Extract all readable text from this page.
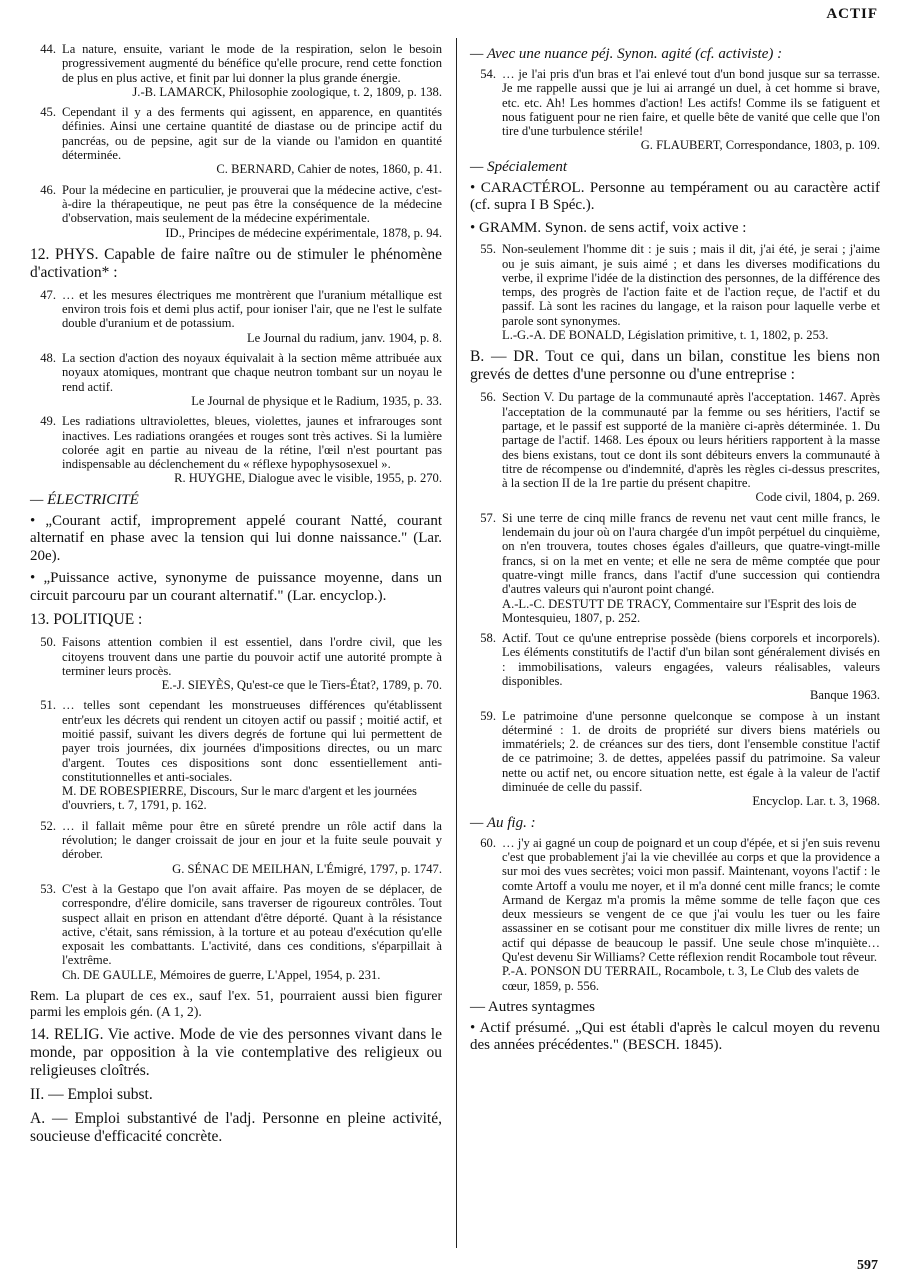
ACTIF
44. La nature, ensuite, variant le mode de la respiration, selon le besoin progressivement augmenté du bénéfice qu'elle procure, rend cette fonction de plus en plus active, et finit par lui donner la plus grande énergie.
J.-B. LAMARCK, Philosophie zoologique, t. 2, 1809, p. 138.
45. Cependant il y a des ferments qui agissent, en apparence, en quantités définies. Ainsi une certaine quantité de diastase ou de principe actif du pancréas, ou de pepsine, agit sur de la viande ou l'amidon en quantité déterminée.
C. BERNARD, Cahier de notes, 1860, p. 41.
46. Pour la médecine en particulier, je prouverai que la médecine active, c'est-à-dire la thérapeutique, ne peut pas être la conséquence de la médecine d'observation, mais seulement de la médecine expérimentale.
ID., Principes de médecine expérimentale, 1878, p. 94.
12. PHYS. Capable de faire naître ou de stimuler le phénomène d'activation* :
47. … et les mesures électriques me montrèrent que l'uranium métallique est environ trois fois et demi plus actif, pour ioniser l'air, que ne l'est le sulfate double d'uranium et de potassium.
Le Journal du radium, janv. 1904, p. 8.
48. La section d'action des noyaux équivalait à la section même attribuée aux noyaux atomiques, montrant que chaque neutron tombant sur un noyau le rend actif.
Le Journal de physique et le Radium, 1935, p. 33.
49. Les radiations ultraviolettes, bleues, violettes, jaunes et infrarouges sont inactives. Les radiations orangées et rouges sont très actives. Si la lumière colorée agit en partie au niveau de la rétine, l'œil n'est pourtant pas indispensable au déclenchement du « réflexe hypophysosexuel ».
R. HUYGHE, Dialogue avec le visible, 1955, p. 270.
— ÉLECTRICITÉ
• „Courant actif, improprement appelé courant Natté, courant alternatif en phase avec la tension qui lui donne naissance." (Lar. 20e).
• „Puissance active, synonyme de puissance moyenne, dans un circuit parcouru par un courant alternatif." (Lar. encyclop.).
13. POLITIQUE :
50. Faisons attention combien il est essentiel, dans l'ordre civil, que les citoyens trouvent dans une partie du pouvoir actif une autorité prompte à terminer leurs procès.
E.-J. SIEYÈS, Qu'est-ce que le Tiers-État?, 1789, p. 70.
51. … telles sont cependant les monstrueuses différences qu'établissent entr'eux les décrets qui rendent un citoyen actif ou passif ; moitié actif, et moitié passif, suivant les divers degrés de fortune qui lui permettent de payer trois journées, dix journées d'impositions directes, ou un marc d'argent. Toutes ces dispositions sont donc essentiellement anti-constitutionnelles et anti-sociales.
M. DE ROBESPIERRE, Discours, Sur le marc d'argent et les journées d'ouvriers, t. 7, 1791, p. 162.
52. … il fallait même pour être en sûreté prendre un rôle actif dans la révolution; le danger croissait de jour en jour et la fuite seule pouvait y dérober.
G. SÉNAC DE MEILHAN, L'Émigré, 1797, p. 1747.
53. C'est à la Gestapo que l'on avait affaire. Pas moyen de se déplacer, de correspondre, d'élire domicile, sans traverser de rigoureux contrôles. Tout suspect allait en prison en attendant d'être déporté. Quant à la résistance active, c'était, sans rémission, à la torture et au poteau d'exécution qu'elle exposait les combattants. L'activité, dans ces conditions, s'éparpillait à l'extrême.
Ch. DE GAULLE, Mémoires de guerre, L'Appel, 1954, p. 231.
Rem. La plupart de ces ex., sauf l'ex. 51, pourraient aussi bien figurer parmi les emplois gén. (A 1, 2).
14. RELIG. Vie active. Mode de vie des personnes vivant dans le monde, par opposition à la vie contemplative des religieux ou religieuses cloîtrés.
II. — Emploi subst.
A. — Emploi substantivé de l'adj. Personne en pleine activité, soucieuse d'efficacité concrète.
— Avec une nuance péj. Synon. agité (cf. activiste) :
54. … je l'ai pris d'un bras et l'ai enlevé tout d'un bond jusque sur sa terrasse. Je me rappelle aussi que je lui ai arrangé un duel, à cet homme si brave, etc. etc. Ah! Les hommes d'action! Les actifs! Comme ils se fatiguent et nous fatiguent pour ne rien faire, et quelle bête de vanité que celle que l'on tire d'une turbulence stérile!
G. FLAUBERT, Correspondance, 1803, p. 109.
— Spécialement
• CARACTÉROL. Personne au tempérament ou au caractère actif (cf. supra I B Spéc.).
• GRAMM. Synon. de sens actif, voix active :
55. Non-seulement l'homme dit : je suis ; mais il dit, j'ai été, je serai ; j'aime ou je suis aimant, je suis aimé ; et dans les diverses modifications du verbe, il exprime l'idée de la distinction des personnes, de la différence des temps, des progrès de l'action faite et de l'action reçue, de l'actif et du passif. Là sont les racines du langage, et la raison pour laquelle verbe et parole sont synonymes.
L.-G.-A. DE BONALD, Législation primitive, t. 1, 1802, p. 253.
B. — DR. Tout ce qui, dans un bilan, constitue les biens non grevés de dettes d'une personne ou d'une entreprise :
56. Section V. Du partage de la communauté après l'acceptation. 1467. Après l'acceptation de la communauté par la femme ou ses héritiers, l'actif se partage, et le passif est supporté de la manière ci-après déterminée. 1. Du partage de l'actif. 1468. Les époux ou leurs héritiers rapportent à la masse des biens existans, tout ce dont ils sont débiteurs envers la communauté à titre de récompense ou d'indemnité, d'après les règles ci-dessus prescrites, à la section II de la 1re partie du présent chapitre.
Code civil, 1804, p. 269.
57. Si une terre de cinq mille francs de revenu net vaut cent mille francs, le lendemain du jour où on l'aura chargée d'un impôt perpétuel du cinquième, on n'en trouvera, toutes choses égales d'ailleurs, que quatre-vingt-mille francs, si on la met en vente; et elle ne sera de même comptée que pour quatre-vingt mille francs, dans l'actif d'une succession qui contiendra d'autres valeurs qui n'auront point changé.
A.-L.-C. DESTUTT DE TRACY, Commentaire sur l'Esprit des lois de Montesquieu, 1807, p. 252.
58. Actif. Tout ce qu'une entreprise possède (biens corporels et incorporels). Les éléments constitutifs de l'actif d'un bilan sont généralement divisés en : immobilisations, valeurs engagées, valeurs réalisables, valeurs disponibles.
Banque 1963.
59. Le patrimoine d'une personne quelconque se compose à un instant déterminé : 1. de droits de propriété sur divers biens matériels ou immatériels; 2. de créances sur des tiers, dont l'ensemble constitue l'actif de ce patrimoine; 3. de dettes, appelées passif du patrimoine. Sa valeur nette ou actif net, ou encore situation nette, est égale à la valeur de l'actif diminuée de celle du passif.
Encyclop. Lar. t. 3, 1968.
— Au fig. :
60. … j'y ai gagné un coup de poignard et un coup d'épée, et si j'en suis revenu c'est que probablement j'ai la vie chevillée au corps et que la providence a sur moi des vues secrètes; voici mon passif. Maintenant, voyons l'actif : le comte Artoff a voulu me noyer, et il m'a donné cent mille francs; le comte Armand de Kergaz m'a promis la même somme de telle façon que ces deux messieurs se vengent de ce que j'ai voulu les tuer ou les faire assassiner en se cotisant pour me constituer dix mille livres de rente; un actif qui dépasse de beaucoup le passif. Une seule chose m'inquiète… Qu'est devenu Sir Williams? Cette réflexion rendit Rocambole tout rêveur.
P.-A. PONSON DU TERRAIL, Rocambole, t. 3, Le Club des valets de cœur, 1859, p. 556.
— Autres syntagmes
• Actif présumé. „Qui est établi d'après le calcul moyen du revenu des années précédentes." (BESCH. 1845).
597
